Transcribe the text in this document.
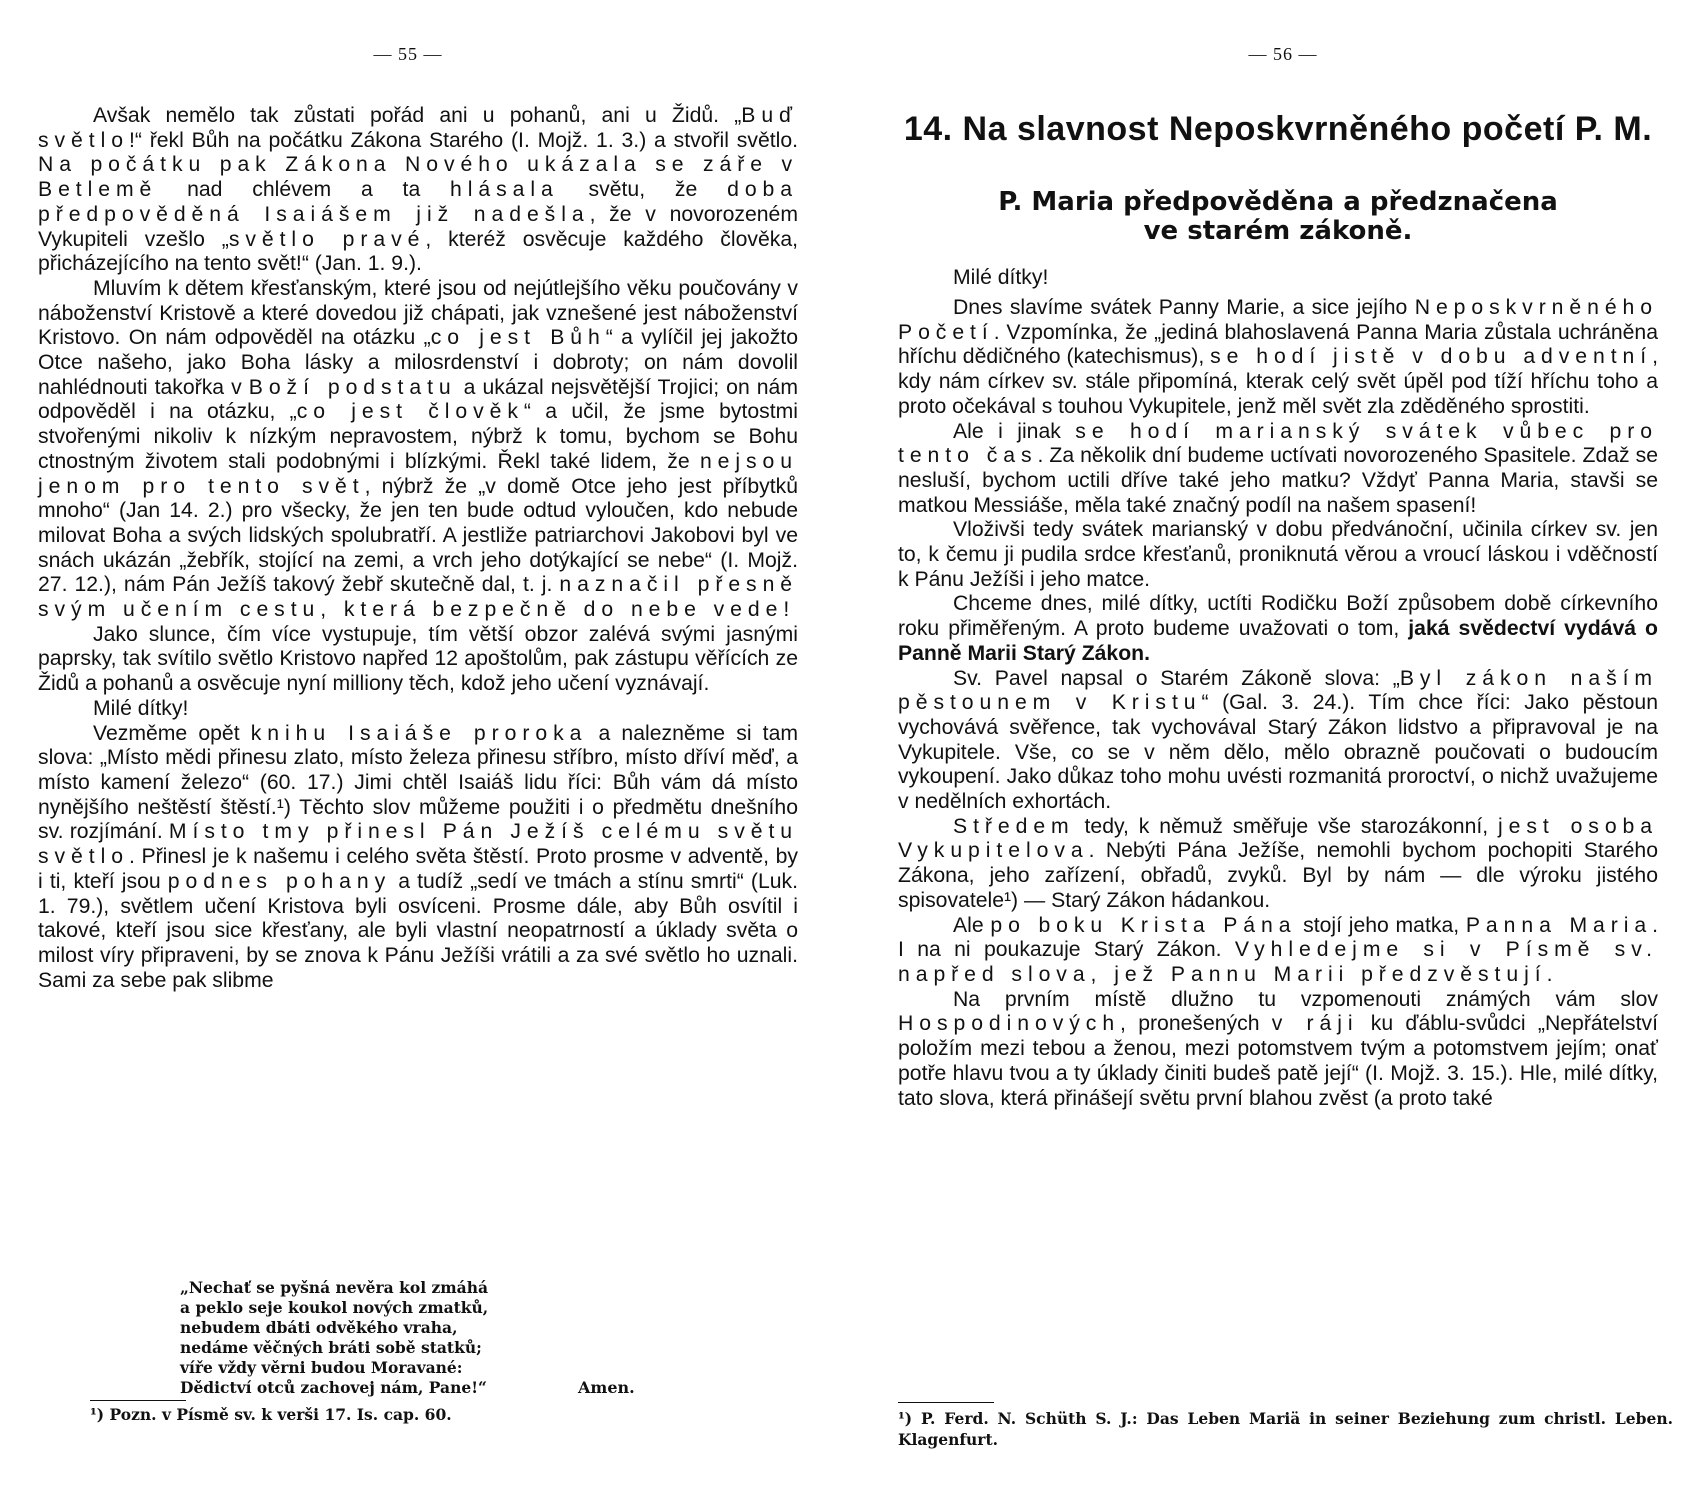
— 55 —

Avšak nemělo tak zůstati pořád ani u pohanů, ani u Židů. „Buď světlo!“ řekl Bůh na počátku Zákona Starého (I. Mojž. 1. 3.) a stvořil světlo. Na počátku pak Zákona Nového ukázala se záře v Betlemě nad chlévem a ta hlásala světu, že doba předpověděná Isaiášem již nadešla, že v novorozeném Vykupiteli vzešlo „světlo pravé, kteréž osvěcuje každého člověka, přicházejícího na tento svět!“ (Jan. 1. 9.).

Mluvím k dětem křesťanským, které jsou od nejútlejšího věku poučovány v náboženství Kristově a které dovedou již chápati, jak vznešené jest náboženství Kristovo. On nám odpověděl na otázku „co jest Bůh“ a vylíčil jej jakožto Otce našeho, jako Boha lásky a milosrdenství i dobroty; on nám dovolil nahlédnouti takořka v Boží podstatu a ukázal nejsvětější Trojici; on nám odpověděl i na otázku, „co jest člověk“ a učil, že jsme bytostmi stvořenými nikoliv k nízkým nepravostem, nýbrž k tomu, bychom se Bohu ctnostným životem stali podobnými i blízkými. Řekl také lidem, že nejsou jenom pro tento svět, nýbrž že „v domě Otce jeho jest příbytků mnoho“ (Jan 14. 2.) pro všecky, že jen ten bude odtud vyloučen, kdo nebude milovat Boha a svých lidských spolubratří. A jestliže patriarchovi Jakobovi byl ve snách ukázán „žebřík, stojící na zemi, a vrch jeho dotýkající se nebe“ (I. Mojž. 27. 12.), nám Pán Ježíš takový žebř skutečně dal, t. j. naznačil přesně svým učením cestu, která bezpečně do nebe vede!

Jako slunce, čím více vystupuje, tím větší obzor zalévá svými jasnými paprsky, tak svítilo světlo Kristovo napřed 12 apoštolům, pak zástupu věřících ze Židů a pohanů a osvěcuje nyní milliony těch, kdož jeho učení vyznávají.

Milé dítky!

Vezměme opět knihu Isaiáše proroka a nalezněme si tam slova: „Místo mědi přinesu zlato, místo železa přinesu stříbro, místo dříví měď, a místo kamení železo“ (60. 17.) Jimi chtěl Isaiáš lidu říci: Bůh vám dá místo nynějšího neštěstí štěstí.¹) Těchto slov můžeme použiti i o předmětu dnešního sv. rozjímání. Místo tmy přinesl Pán Ježíš celému světu světlo. Přinesl je k našemu i celého světa štěstí. Proto prosme v adventě, by i ti, kteří jsou podnes pohany a tudíž „sedí ve tmách a stínu smrti“ (Luk. 1. 79.), světlem učení Kristova byli osvíceni. Prosme dále, aby Bůh osvítil i takové, kteří jsou sice křesťany, ale byli vlastní neopatrností a úklady světa o milost víry připraveni, by se znova k Pánu Ježíši vrátili a za své světlo ho uznali. Sami za sebe pak slibme

„Nechať se pyšná nevěra kol zmáhá
a peklo seje koukol nových zmatků,
nebudem dbáti odvěkého vraha,
nedáme věčných bráti sobě statků;
víře vždy věrni budou Moravané:
Dědictví otců zachovej nám, Pane!“	Amen.
¹) Pozn. v Písmě sv. k verši 17. Is. cap. 60.
— 56 —
14. Na slavnost Neposkvrněného početí P. M.
P. Maria předpověděna a předznačena
ve starém zákoně.
Milé dítky!

Dnes slavíme svátek Panny Marie, a sice jejího Neposkvrněného Početí. Vzpomínka, že „jediná blahoslavená Panna Maria zůstala uchráněna hříchu dědičného (katechismus), se hodí jistě v dobu adventní, kdy nám církev sv. stále připomíná, kterak celý svět úpěl pod tíží hříchu toho a proto očekával s touhou Vykupitele, jenž měl svět zla zděděného sprostiti.

Ale i jinak se hodí marianský svátek vůbec pro tento čas. Za několik dní budeme uctívati novorozeného Spasitele. Zdaž se nesluší, bychom uctili dříve také jeho matku? Vždyť Panna Maria, stavši se matkou Messiáše, měla také značný podíl na našem spasení!

Vloživši tedy svátek marianský v dobu předvánoční, učinila církev sv. jen to, k čemu ji pudila srdce křesťanů, proniknutá věrou a vroucí láskou i vděčností k Pánu Ježíši i jeho matce.

Chceme dnes, milé dítky, uctíti Rodičku Boží způsobem době církevního roku přiměřeným. A proto budeme uvažovati o tom, jaká svědectví vydává o Panně Marii Starý Zákon.

Sv. Pavel napsal o Starém Zákoně slova: „Byl zákon naším pěstounem v Kristu“ (Gal. 3. 24.). Tím chce říci: Jako pěstoun vychovává svěřence, tak vychovával Starý Zákon lidstvo a připravoval je na Vykupitele. Vše, co se v něm dělo, mělo obrazně poučovati o budoucím vykoupení. Jako důkaz toho mohu uvésti rozmanitá proroctví, o nichž uvažujeme v nedělních exhortách.

Středem tedy, k němuž směřuje vše starozákonní, jest osoba Vykupitelova. Nebýti Pána Ježíše, nemohli bychom pochopiti Starého Zákona, jeho zařízení, obřadů, zvyků. Byl by nám — dle výroku jistého spisovatele¹) — Starý Zákon hádankou.

Ale po boku Krista Pána stojí jeho matka, Panna Maria. I na ni poukazuje Starý Zákon. Vyhledejme si v Písmě sv. napřed slova, jež Pannu Marii předzvěstují.

Na prvním místě dlužno tu vzpomenouti známých vám slov Hospodinových, pronešených v ráji ku ďáblu-svůdci „Nepřátelství položím mezi tebou a ženou, mezi potomstvem tvým a potomstvem jejím; onať potře hlavu tvou a ty úklady činiti budeš patě její“ (I. Mojž. 3. 15.). Hle, milé dítky, tato slova, která přinášejí světu první blahou zvěst (a proto také

¹) P. Ferd. N. Schüth S. J.: Das Leben Mariä in seiner Beziehung zum christl. Leben. Klagenfurt.
